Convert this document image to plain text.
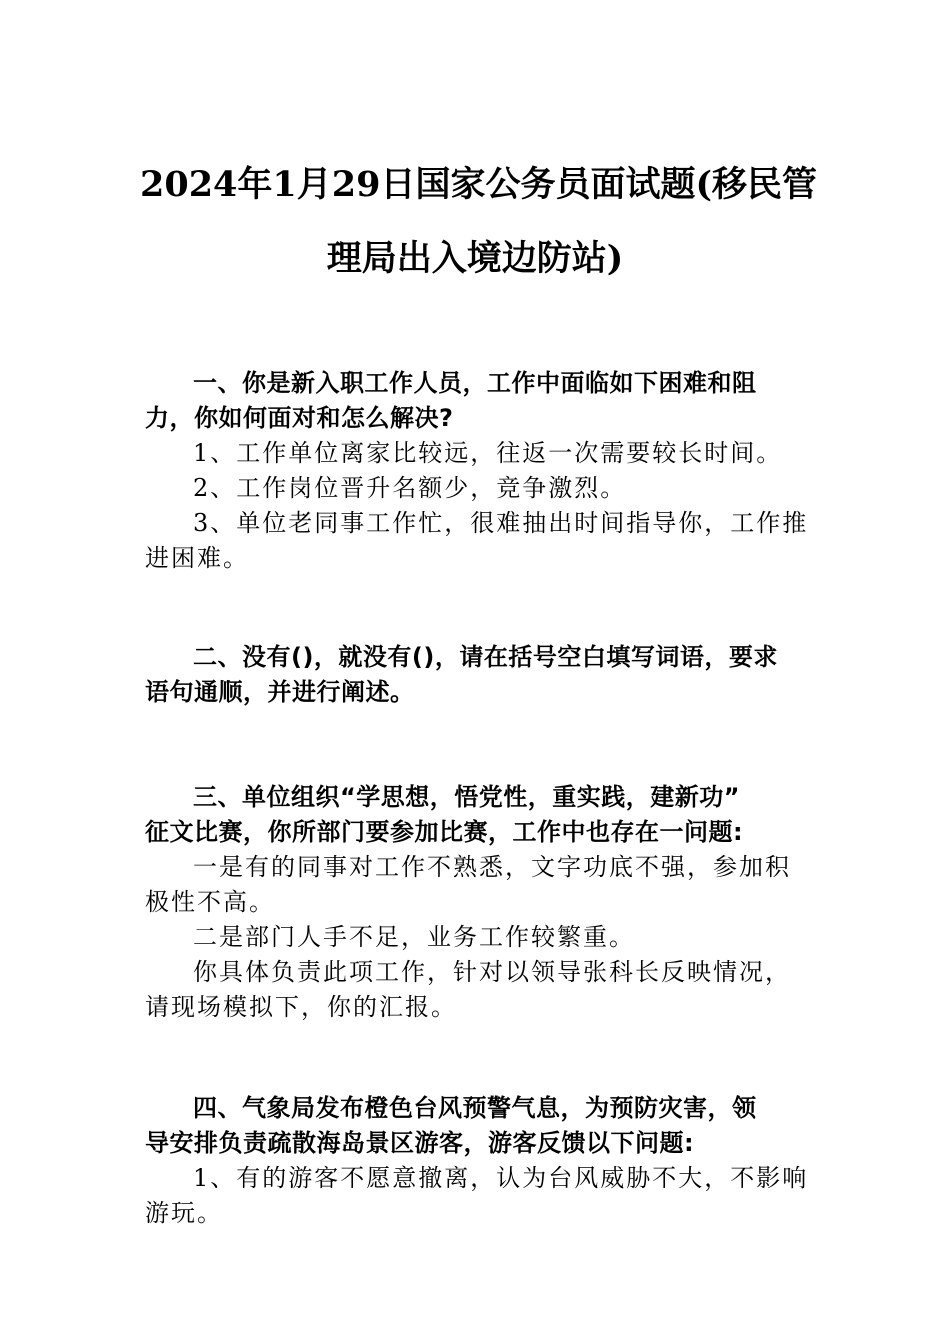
2024年1月29日国家公务员面试题(移民管
理局出入境边防站)

一、你是新入职工作人员，工作中面临如下困难和阻
力，你如何面对和怎么解决?

1、工作单位离家比较远，往返一次需要较长时间。
2、工作岗位晋升名额少，竞争激烈。
3、单位老同事工作忙，很难抽出时间指导你，工作推
进困难。

二、没有()，就没有()，请在括号空白填写词语，要求
语句通顺，并进行阐述。

三、单位组织“学思想，悟党性，重实践，建新功”
征文比赛，你所部门要参加比赛，工作中也存在一问题:

一是有的同事对工作不熟悉，文字功底不强，参加积
极性不高。
二是部门人手不足，业务工作较繁重。
你具体负责此项工作，针对以领导张科长反映情况，
请现场模拟下，你的汇报。

四、气象局发布橙色台风预警气息，为预防灾害，领
导安排负责疏散海岛景区游客，游客反馈以下问题:

1、有的游客不愿意撤离，认为台风威胁不大，不影响
游玩。
